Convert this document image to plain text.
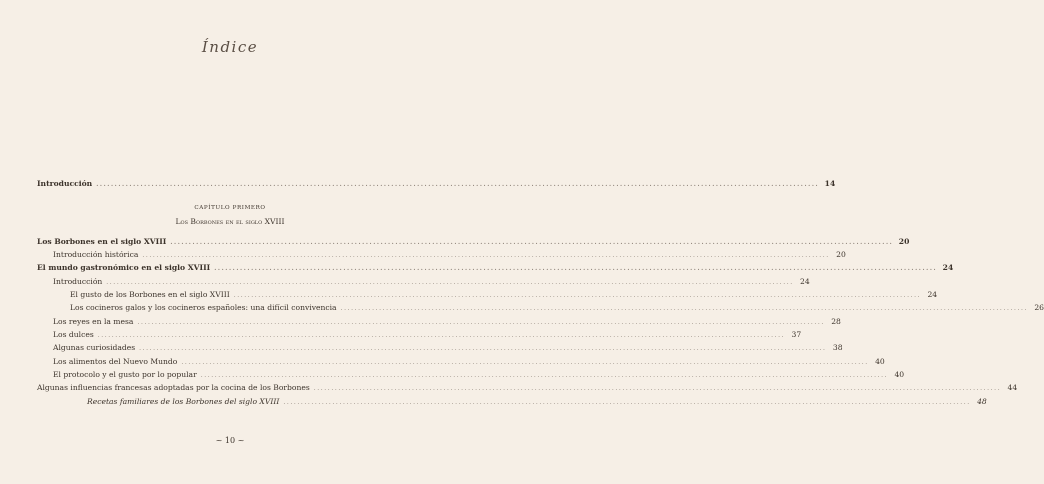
Índice
Introducción .....	14
CAPÍTULO PRIMERO
Los Borbones en el siglo XVIII
Los Borbones en el siglo XVIII .....	20
Introducción histórica .....	20
El mundo gastronómico en el siglo XVIII .....	24
Introducción .....	24
El gusto de los Borbones en el siglo XVIII .....	24
Los cocineros galos y los cocineros españoles: una difícil convivencia .....	26
Los reyes en la mesa .....	28
Los dulces .....	37
Algunas curiosidades .....	38
Los alimentos del Nuevo Mundo .....	40
El protocolo y el gusto por lo popular .....	40
Algunas influencias francesas adoptadas por la cocina de los Borbones .....	44
Recetas familiares de los Borbones del siglo XVIII .....	48
~ 10 ~
